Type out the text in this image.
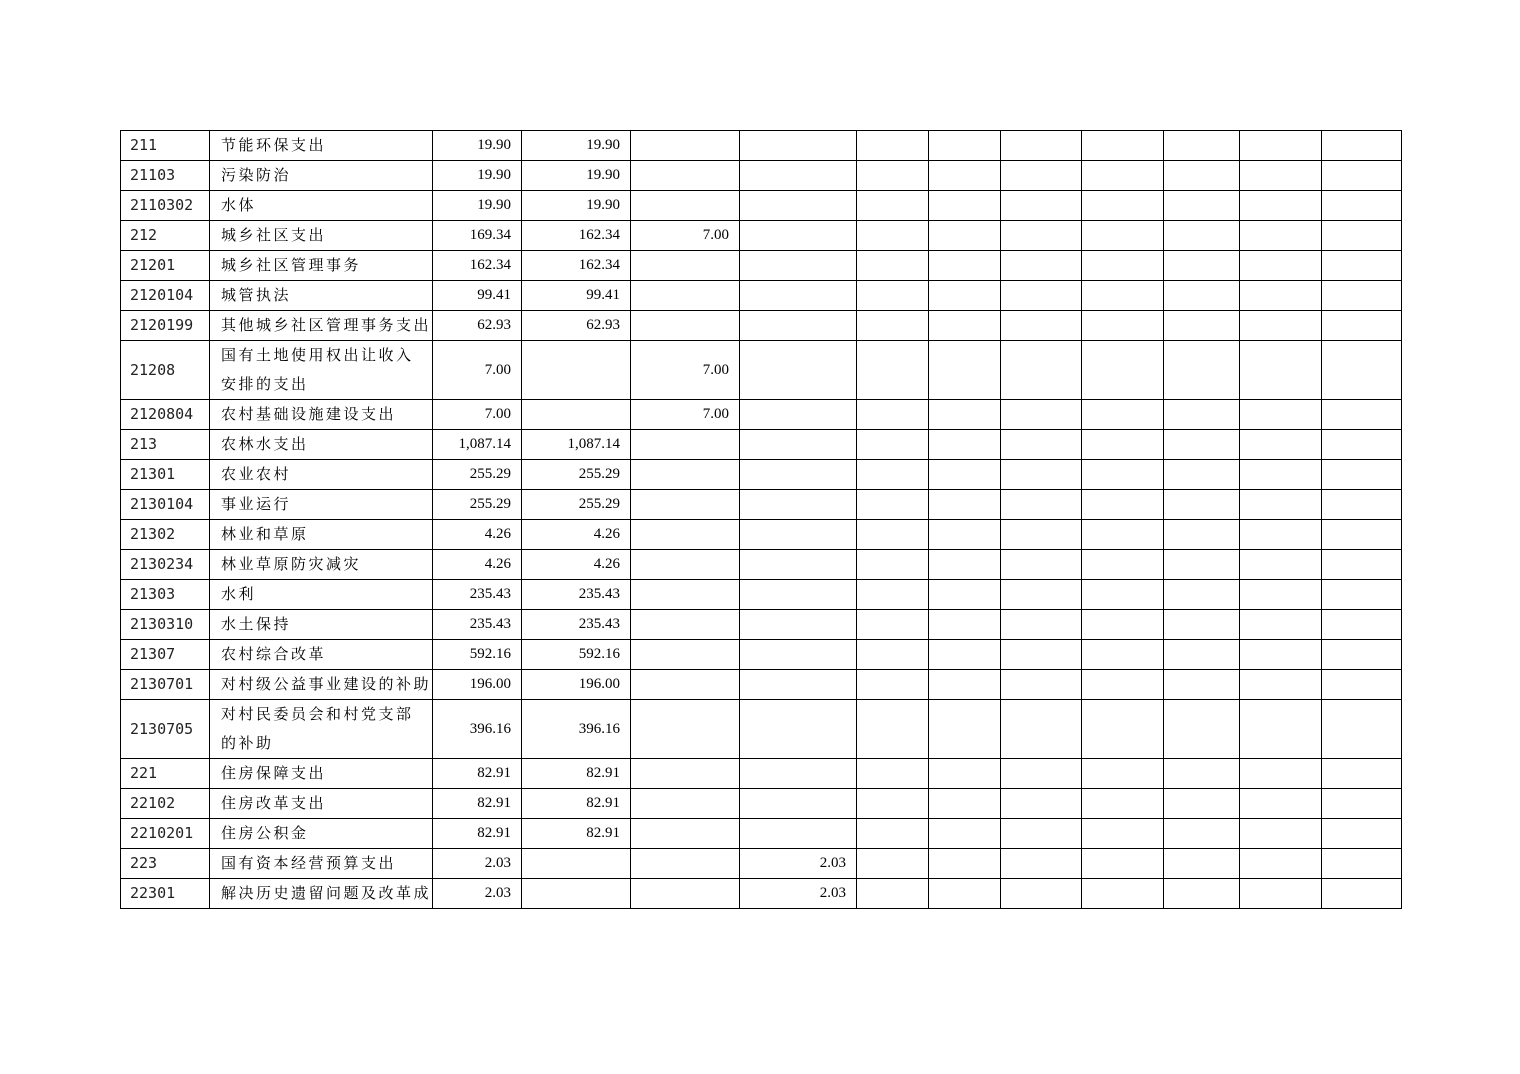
211	节能环保支出	19.90	19.90									
21103	污染防治	19.90	19.90									
2110302	水体	19.90	19.90									
212	城乡社区支出	169.34	162.34	7.00								
21201	城乡社区管理事务	162.34	162.34									
2120104	城管执法	99.41	99.41									
2120199	其他城乡社区管理事务支出	62.93	62.93									
21208	国有土地使用权出让收入安排的支出	7.00		7.00								
2120804	农村基础设施建设支出	7.00		7.00								
213	农林水支出	1,087.14	1,087.14									
21301	农业农村	255.29	255.29									
2130104	事业运行	255.29	255.29									
21302	林业和草原	4.26	4.26									
2130234	林业草原防灾减灾	4.26	4.26									
21303	水利	235.43	235.43									
2130310	水土保持	235.43	235.43									
21307	农村综合改革	592.16	592.16									
2130701	对村级公益事业建设的补助	196.00	196.00									
2130705	对村民委员会和村党支部的补助	396.16	396.16									
221	住房保障支出	82.91	82.91									
22102	住房改革支出	82.91	82.91									
2210201	住房公积金	82.91	82.91									
223	国有资本经营预算支出	2.03			2.03							
22301	解决历史遗留问题及改革成	2.03			2.03							
